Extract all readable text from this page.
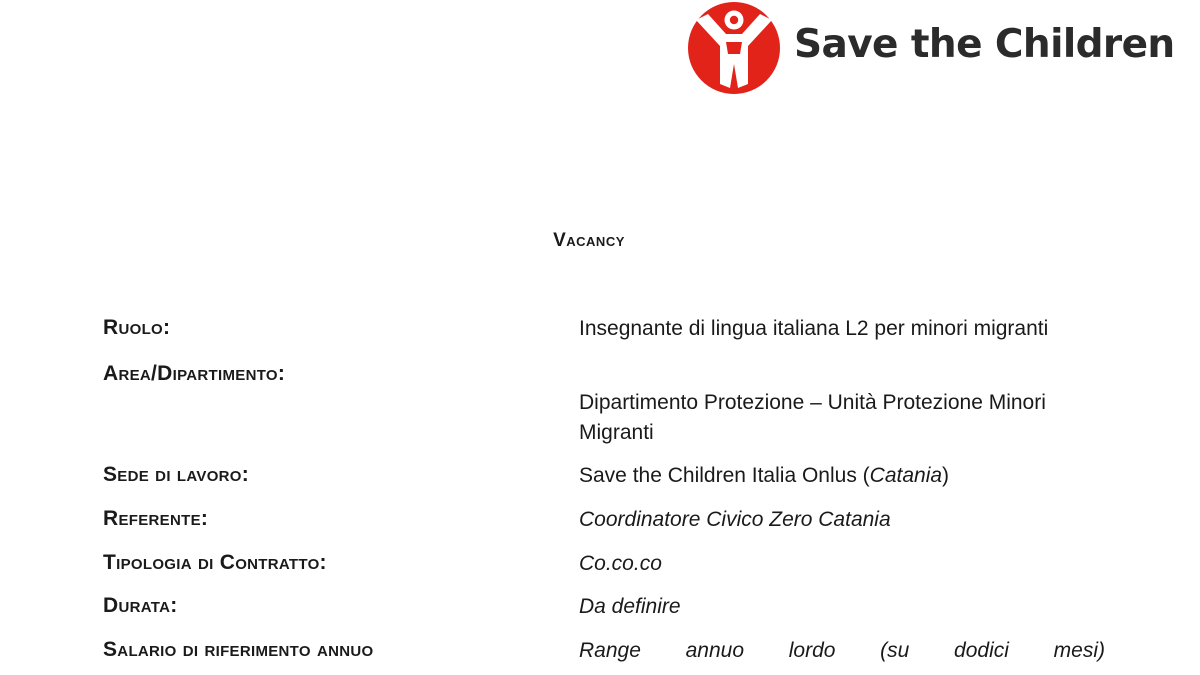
Save the Children
Vacancy
Ruolo:	Insegnante di lingua italiana L2 per minori migranti
Area/Dipartimento:
Dipartimento Protezione – Unità Protezione Minori Migranti
Sede di lavoro:	Save the Children Italia Onlus (Catania)
Referente:	Coordinatore Civico Zero Catania
Tipologia di Contratto:	Co.co.co
Durata:	Da definire
Salario di riferimento annuo	Range annuo lordo (su dodici mesi)
